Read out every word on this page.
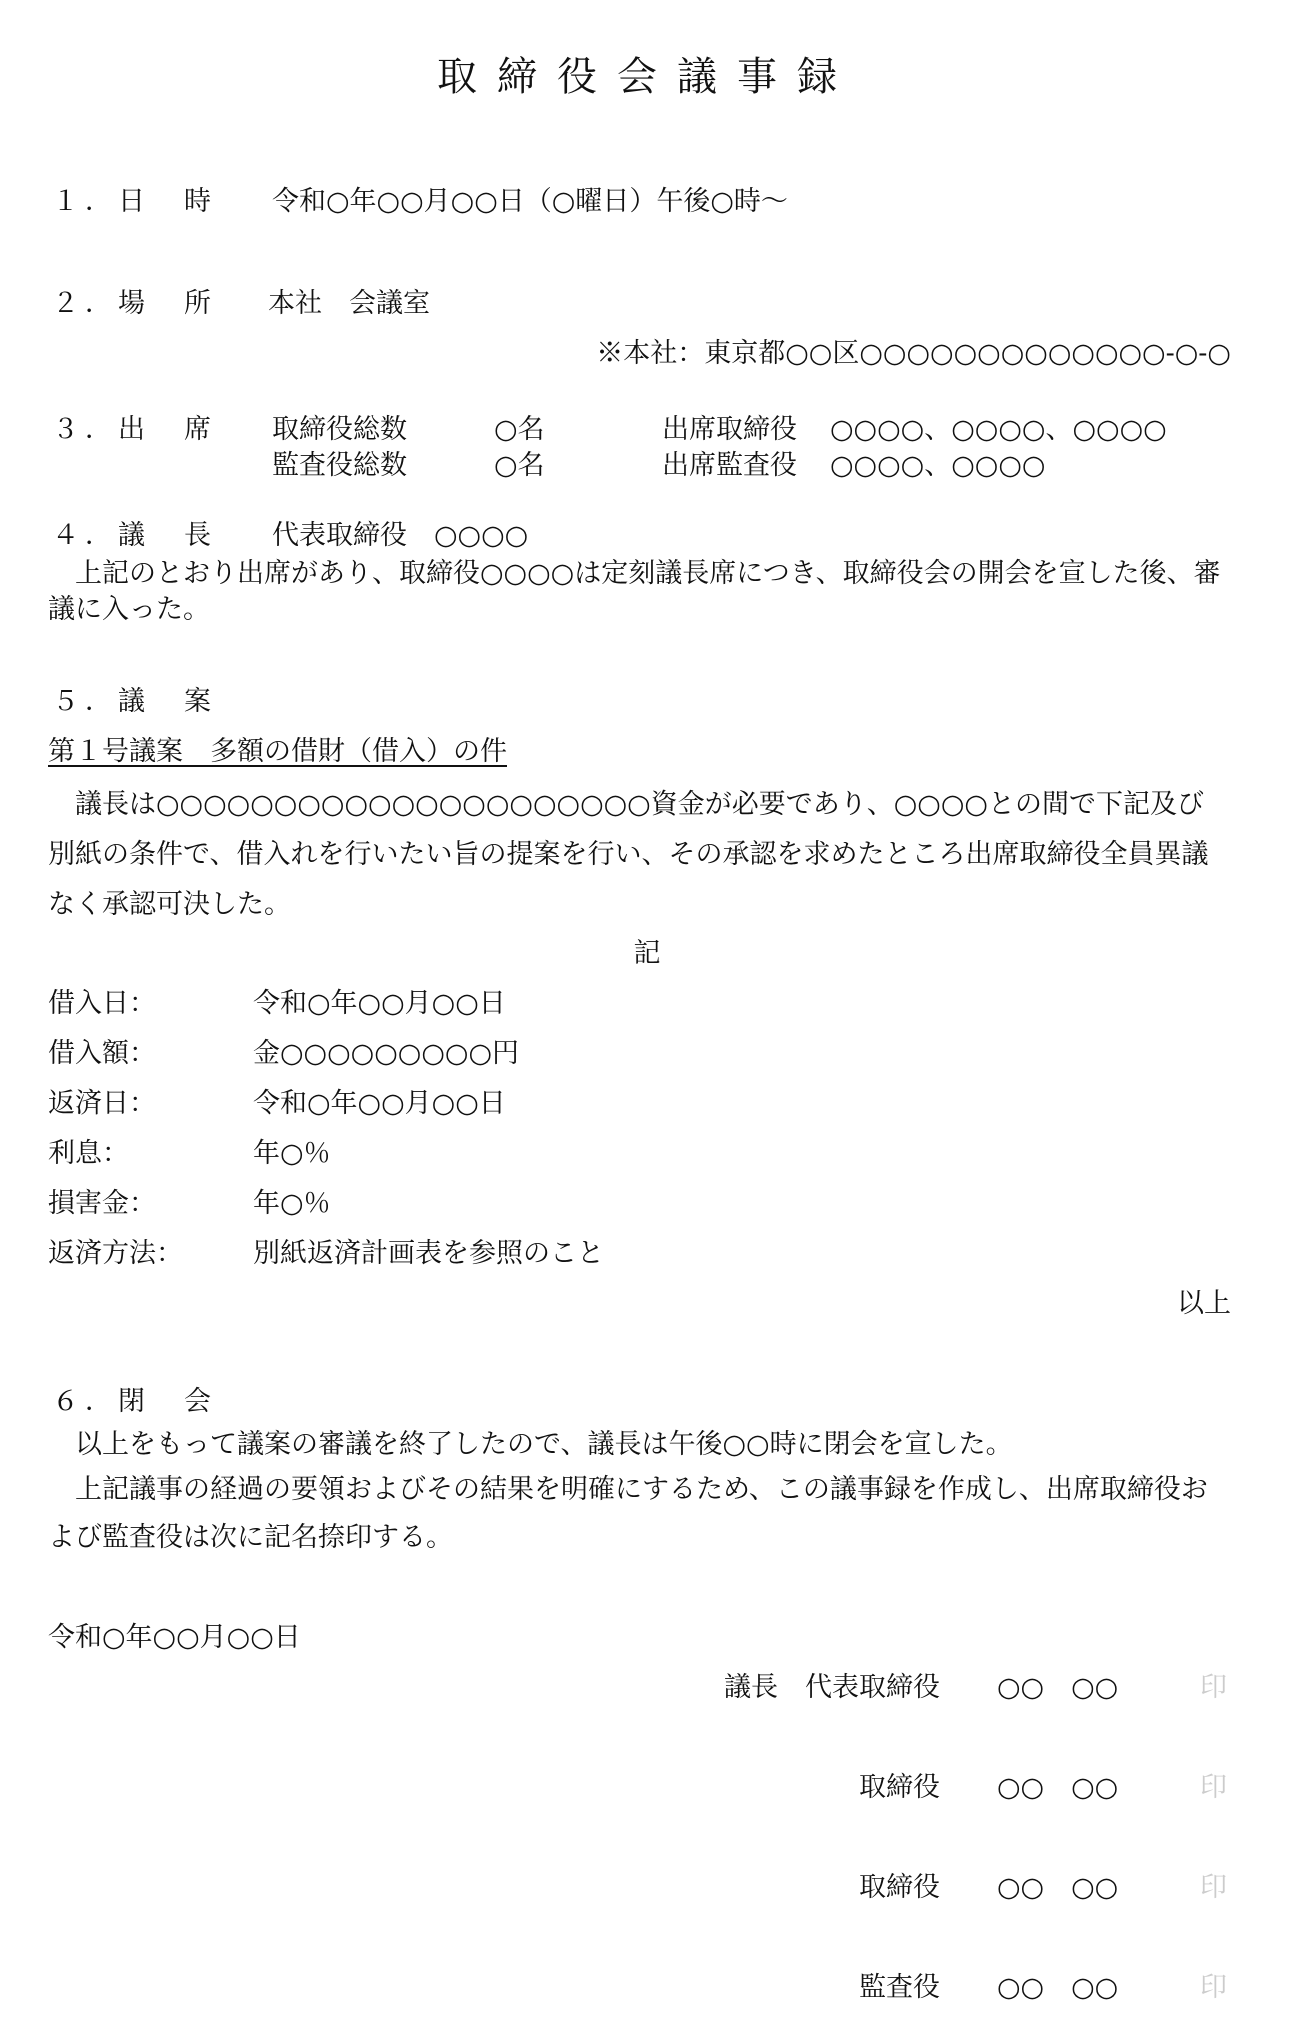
取締役会議事録
１．日　時 令和○年○○月○○日（○曜日）午後○時～
２．場　所 本社　会議室
※本社：東京都○○区○○○○○○○○○○○○○-○-○
３．出　席 取締役総数	○名	出席取締役 ○○○○、○○○○、○○○○
監査役総数	○名	出席監査役 ○○○○、○○○○
４．議　長 代表取締役　○○○○
上記のとおり出席があり、取締役○○○○は定刻議長席につき、取締役会の開会を宣した後、審議に入った。
５．議　案
第１号議案　多額の借財（借入）の件
議長は○○○○○○○○○○○○○○○○○○○○○資金が必要であり、○○○○との間で下記及び別紙の条件で、借入れを行いたい旨の提案を行い、その承認を求めたところ出席取締役全員異議なく承認可決した。
記
借入日：	令和○年○○月○○日
借入額：	金○○○○○○○○○円
返済日：	令和○年○○月○○日
利息：	年○％
損害金：	年○％
返済方法：	別紙返済計画表を参照のこと
以上
６．閉　会
以上をもって議案の審議を終了したので、議長は午後○○時に閉会を宣した。
上記議事の経過の要領およびその結果を明確にするため、この議事録を作成し、出席取締役および監査役は次に記名捺印する。
令和○年○○月○○日
議長　代表取締役 ○○　○○	印
取締役 ○○　○○	印
取締役 ○○　○○	印
監査役 ○○　○○	印
